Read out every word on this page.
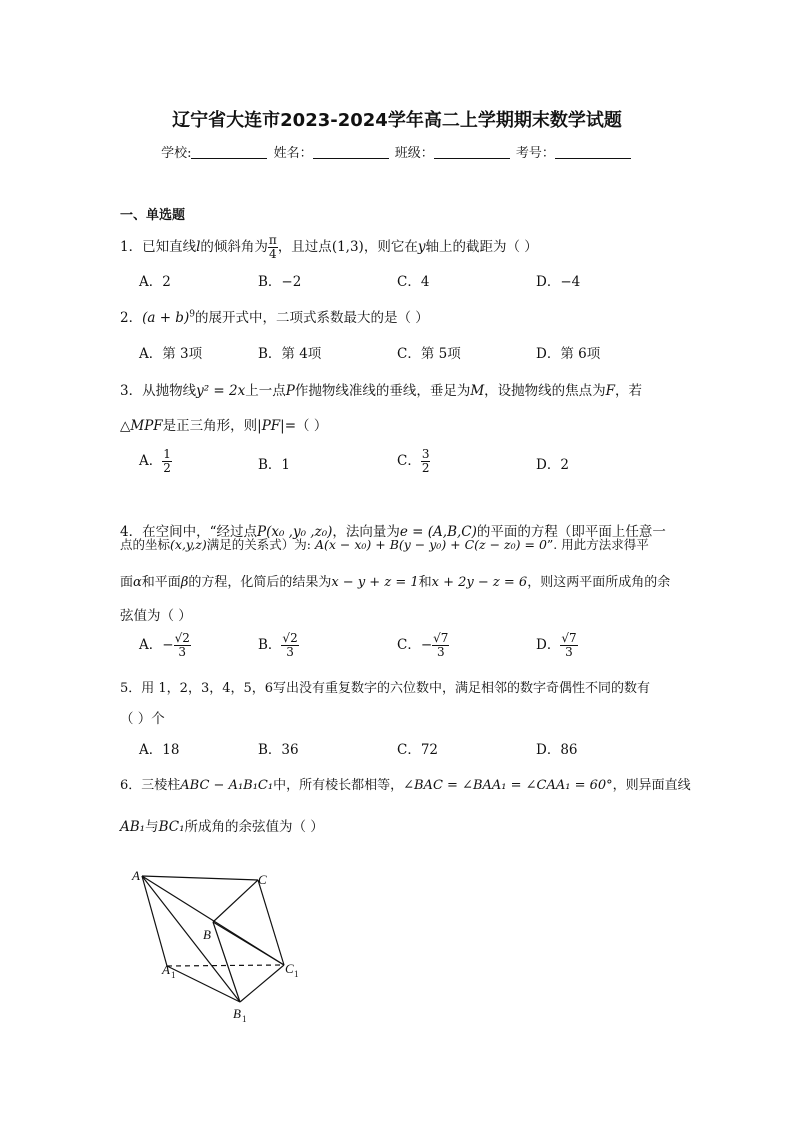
辽宁省大连市2023-2024学年高二上学期期末数学试题
学校:	姓名：	班级：	考号：
一、单选题
1．已知直线l的倾斜角为 $\frac{\pi}{4}$ ，且过点(1,3)，则它在y轴上的截距为（ ）
A．2	B．−2	C．4	D．−4
2．$(a + b)^9$的展开式中，二项式系数最大的是（ ）
A．第 3项	B．第 4项	C．第 5项	D．第 6项
3．从抛物线y² = 2x上一点P作抛物线准线的垂线，垂足为M，设抛物线的焦点为F，若
△MPF是正三角形，则|PF|=（ ）
A． $\frac{1}{2}$	B．1	C． $\frac{3}{2}$	D．2
4．在空间中，“经过点P(x₀ ,y₀ ,z₀)，法向量为e = (A,B,C)的平面的方程（即平面上任意一
点的坐标(x,y,z)满足的关系式）为: A(x − x₀) + B(y − y₀) + C(z − z₀) = 0”. 用此方法求得平
面α和平面β的方程，化简后的结果为x − y + z = 1和x + 2y − z = 6，则这两平面所成角的余
弦值为（ ）
A．− $\frac{√2}{3}$	B． $\frac{√2}{3}$	C．− $\frac{√7}{3}$	D． $\frac{√7}{3}$
5．用 1，2，3，4，5，6写出没有重复数字的六位数中，满足相邻的数字奇偶性不同的数有
（ ）个
A．18	B．36	C．72	D．86
6．三棱柱ABC − A₁B₁C₁中，所有棱长都相等，∠BAC = ∠BAA₁ = ∠CAA₁ = 60°，则异面直线
AB₁与BC₁所成角的余弦值为（ ）
A	C
B
A 1	C 1
B 1
